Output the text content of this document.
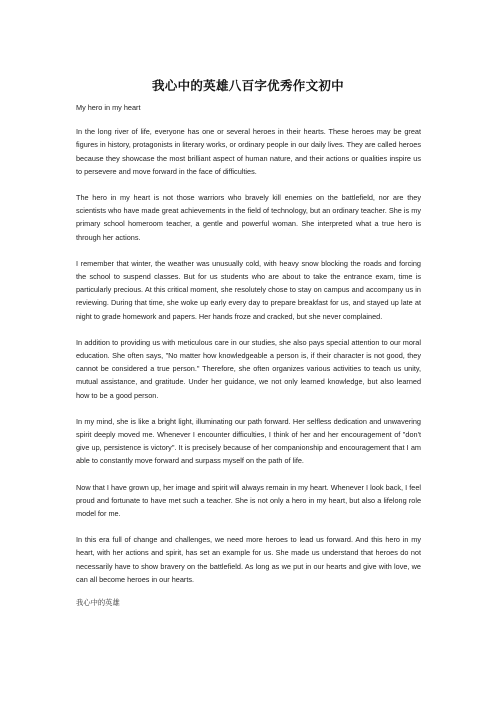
我心中的英雄八百字优秀作文初中

My hero in my heart

In the long river of life, everyone has one or several heroes in their hearts. These heroes may be great figures in history, protagonists in literary works, or ordinary people in our daily lives. They are called heroes because they showcase the most brilliant aspect of human nature, and their actions or qualities inspire us to persevere and move forward in the face of difficulties.

The hero in my heart is not those warriors who bravely kill enemies on the battlefield, nor are they scientists who have made great achievements in the field of technology, but an ordinary teacher. She is my primary school homeroom teacher, a gentle and powerful woman. She interpreted what a true hero is through her actions.

I remember that winter, the weather was unusually cold, with heavy snow blocking the roads and forcing the school to suspend classes. But for us students who are about to take the entrance exam, time is particularly precious. At this critical moment, she resolutely chose to stay on campus and accompany us in reviewing. During that time, she woke up early every day to prepare breakfast for us, and stayed up late at night to grade homework and papers. Her hands froze and cracked, but she never complained.

In addition to providing us with meticulous care in our studies, she also pays special attention to our moral education. She often says, "No matter how knowledgeable a person is, if their character is not good, they cannot be considered a true person." Therefore, she often organizes various activities to teach us unity, mutual assistance, and gratitude. Under her guidance, we not only learned knowledge, but also learned how to be a good person.

In my mind, she is like a bright light, illuminating our path forward. Her selfless dedication and unwavering spirit deeply moved me. Whenever I encounter difficulties, I think of her and her encouragement of "don't give up, persistence is victory". It is precisely because of her companionship and encouragement that I am able to constantly move forward and surpass myself on the path of life.

Now that I have grown up, her image and spirit will always remain in my heart. Whenever I look back, I feel proud and fortunate to have met such a teacher. She is not only a hero in my heart, but also a lifelong role model for me.

In this era full of change and challenges, we need more heroes to lead us forward. And this hero in my heart, with her actions and spirit, has set an example for us. She made us understand that heroes do not necessarily have to show bravery on the battlefield. As long as we put in our hearts and give with love, we can all become heroes in our hearts.

我心中的英雄
